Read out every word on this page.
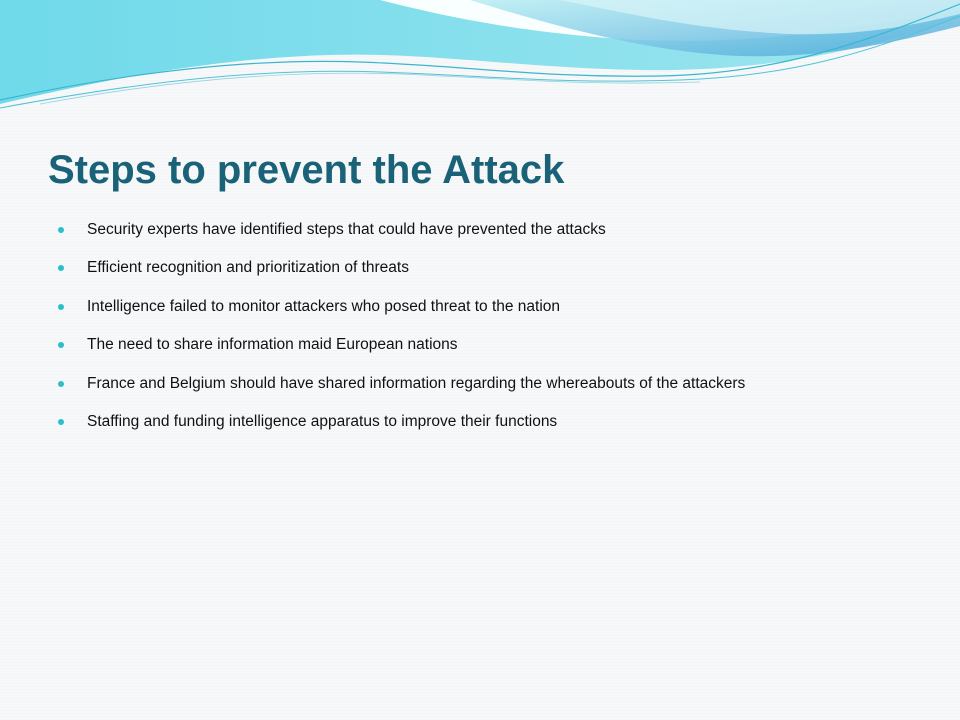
Steps to prevent the Attack
Security experts have identified steps that could have prevented the attacks
Efficient recognition and prioritization of threats
Intelligence failed to monitor attackers who posed threat to the nation
The need to share information maid European nations
France and Belgium should have shared information regarding the whereabouts of the attackers
Staffing and funding intelligence apparatus to improve their functions
